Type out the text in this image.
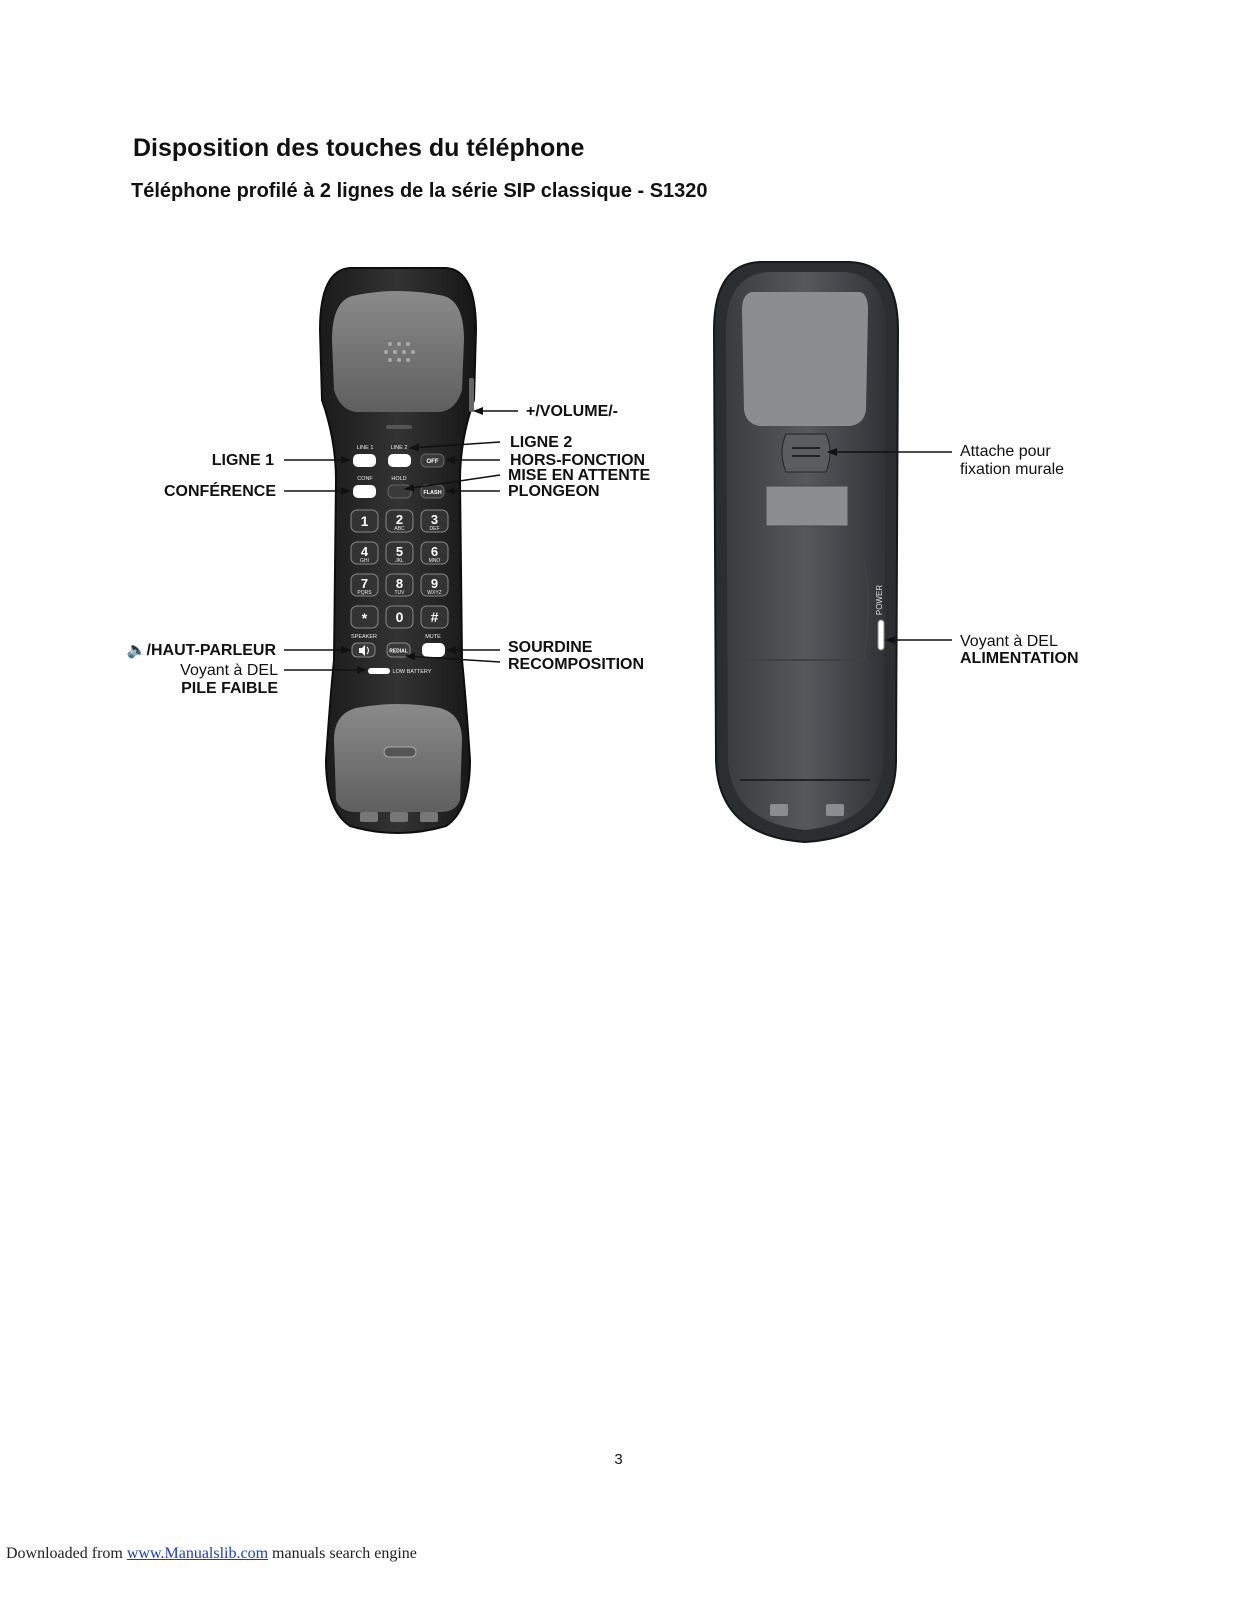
Disposition des touches du téléphone
Téléphone profilé à 2 lignes de la série SIP classique - S1320
LINE 1	LINE 2
OFF
CONF	HOLD
FLASH
1 2
ABC
3
DEF
4
GHI
5
JKL
6
MNO
7
PQRS
8
TUV
9
WXYZ
* 0 #
SPEAKER	MUTE
REDIAL
LOW BATTERY
POWER
LIGNE 1
CONFÉRENCE
🔈/HAUT-PARLEUR
Voyant à DEL
PILE FAIBLE
+/VOLUME/-
LIGNE 2
HORS-FONCTION
MISE EN ATTENTE
PLONGEON
SOURDINE
RECOMPOSITION
Attache pour
fixation murale
Voyant à DEL
ALIMENTATION
3
Downloaded from www.Manualslib.com manuals search engine
